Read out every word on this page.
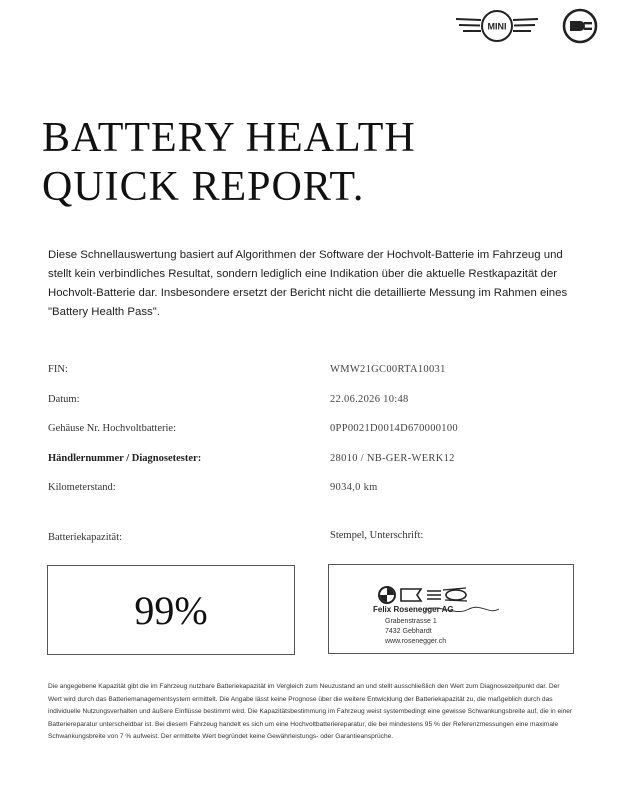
MINI
BATTERY HEALTH
QUICK REPORT.

Diese Schnellauswertung basiert auf Algorithmen der Software der Hochvolt-Batterie im Fahrzeug und stellt kein verbindliches Resultat, sondern lediglich eine Indikation über die aktuelle Restkapazität der Hochvolt-Batterie dar. Insbesondere ersetzt der Bericht nicht die detaillierte Messung im Rahmen eines "Battery Health Pass".

FIN:	WMW21GC00RTA10031
Datum:	22.06.2026 10:48
Gehäuse Nr. Hochvoltbatterie:	0PP0021D0014D670000100
Händlernummer / Diagnosetester:	28010 / NB-GER-WERK12
Kilometerstand:	9034,0 km
Batteriekapazität:	Stempel, Unterschrift:
99%	Felix Rosenegger AG
Grabenstrasse 1
7432 Gebhardt
www.rosenegger.ch

Die angegebene Kapazität gibt die im Fahrzeug nutzbare Batteriekapazität im Vergleich zum Neuzustand an und stellt ausschließlich den Wert zum Diagnosezeitpunkt dar. Der Wert wird durch das Batteriemanagementsystem ermittelt. Die Angabe lässt keine Prognose über die weitere Entwicklung der Batteriekapazität zu, die maßgeblich durch das individuelle Nutzungsverhalten und äußere Einflüsse bestimmt wird. Die Kapazitätsbestimmung im Fahrzeug weist systembedingt eine gewisse Schwankungsbreite auf, die in einer Batteriereparatur unterscheidbar ist. Bei diesem Fahrzeug handelt es sich um eine Hochvoltbatteriereparatur, die bei mindestens 95 % der Referenzmessungen eine maximale Schwankungsbreite von 7 % aufweist. Der ermittelte Wert begründet keine Gewährleistungs- oder Garantieansprüche.
